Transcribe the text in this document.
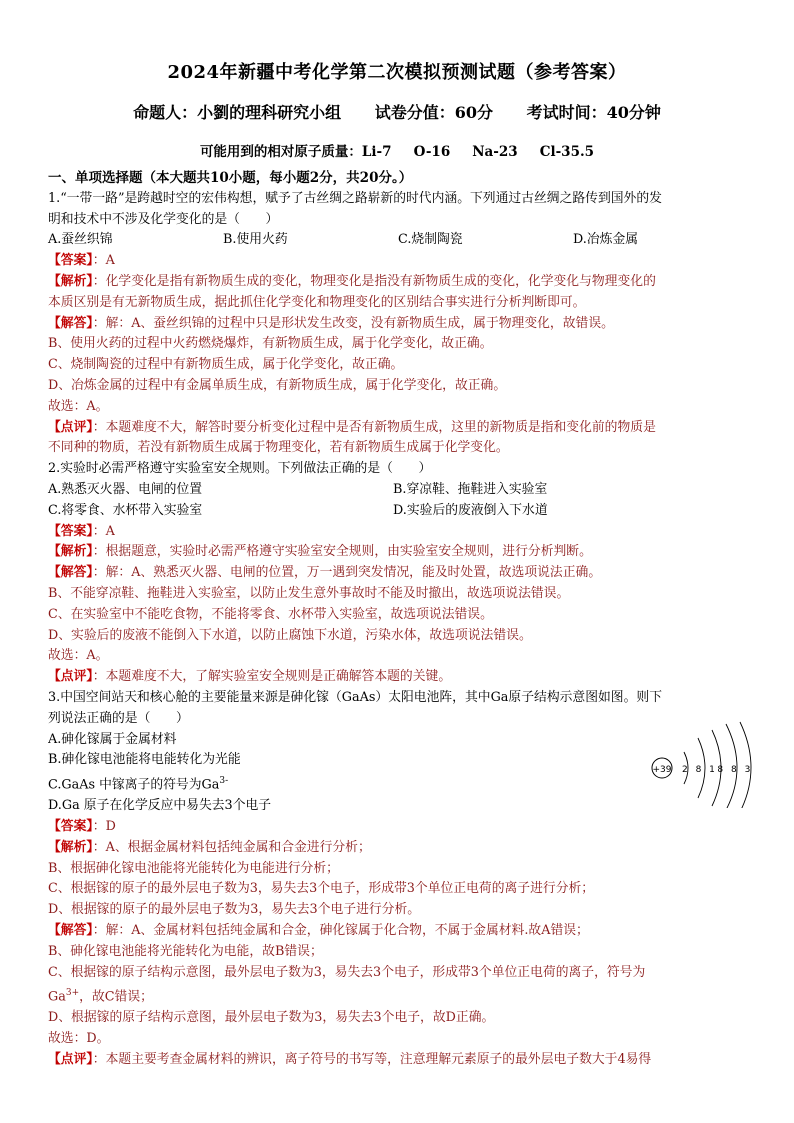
2024年新疆中考化学第二次模拟预测试题（参考答案）
命题人：小劉的理科研究小组 试卷分值：60分 考试时间：40分钟
可能用到的相对原子质量：Li-7 O-16 Na-23 Cl-35.5
一、单项选择题（本大题共10小题，每小题2分，共20分。）
1.“一带一路”是跨越时空的宏伟构想，赋予了古丝绸之路崭新的时代内涵。下列通过古丝绸之路传到国外的发
明和技术中不涉及化学变化的是（　　）
A.蚕丝织锦	B.使用火药	C.烧制陶瓷	D.冶炼金属
【答案】：A
【解析】：化学变化是指有新物质生成的变化，物理变化是指没有新物质生成的变化，化学变化与物理变化的
本质区别是有无新物质生成，据此抓住化学变化和物理变化的区别结合事实进行分析判断即可。
【解答】：解：A、蚕丝织锦的过程中只是形状发生改变，没有新物质生成，属于物理变化，故错误。
B、使用火药的过程中火药燃烧爆炸，有新物质生成，属于化学变化，故正确。
C、烧制陶瓷的过程中有新物质生成，属于化学变化，故正确。
D、冶炼金属的过程中有金属单质生成，有新物质生成，属于化学变化，故正确。
故选：A。
【点评】：本题难度不大，解答时要分析变化过程中是否有新物质生成，这里的新物质是指和变化前的物质是
不同种的物质，若没有新物质生成属于物理变化，若有新物质生成属于化学变化。
2.实验时必需严格遵守实验室安全规则。下列做法正确的是（　　）
A.熟悉灭火器、电闸的位置	B.穿凉鞋、拖鞋进入实验室
C.将零食、水杯带入实验室	D.实验后的废液倒入下水道
【答案】：A
【解析】：根据题意，实验时必需严格遵守实验室安全规则，由实验室安全规则，进行分析判断。
【解答】：解：A、熟悉灭火器、电闸的位置，万一遇到突发情况，能及时处置，故选项说法正确。
B、不能穿凉鞋、拖鞋进入实验室，以防止发生意外事故时不能及时撤出，故选项说法错误。
C、在实验室中不能吃食物，不能将零食、水杯带入实验室，故选项说法错误。
D、实验后的废液不能倒入下水道，以防止腐蚀下水道，污染水体，故选项说法错误。
故选：A。
【点评】：本题难度不大，了解实验室安全规则是正确解答本题的关键。
3.中国空间站天和核心舱的主要能量来源是砷化镓（GaAs）太阳电池阵，其中Ga原子结构示意图如图。则下
列说法正确的是（　　）
A.砷化镓属于金属材料
B.砷化镓电池能将电能转化为光能
C.GaAs 中镓离子的符号为$Ga^{3-}$
D.Ga 原子在化学反应中易失去3个电子
+39 2 8 18 8 3
【答案】：D
【解析】：A、根据金属材料包括纯金属和合金进行分析；
B、根据砷化镓电池能将光能转化为电能进行分析；
C、根据镓的原子的最外层电子数为3，易失去3个电子，形成带3个单位正电荷的离子进行分析；
D、根据镓的原子的最外层电子数为3，易失去3个电子进行分析。
【解答】：解：A、金属材料包括纯金属和合金，砷化镓属于化合物，不属于金属材料.故A错误；
B、砷化镓电池能将光能转化为电能，故B错误；
C、根据镓的原子结构示意图，最外层电子数为3，易失去3个电子，形成带3个单位正电荷的离子，符号为
$Ga^{3+}$，故C错误；
D、根据镓的原子结构示意图，最外层电子数为3，易失去3个电子，故D正确。
故选：D。
【点评】：本题主要考查金属材料的辨识，离子符号的书写等，注意理解元素原子的最外层电子数大于4易得
